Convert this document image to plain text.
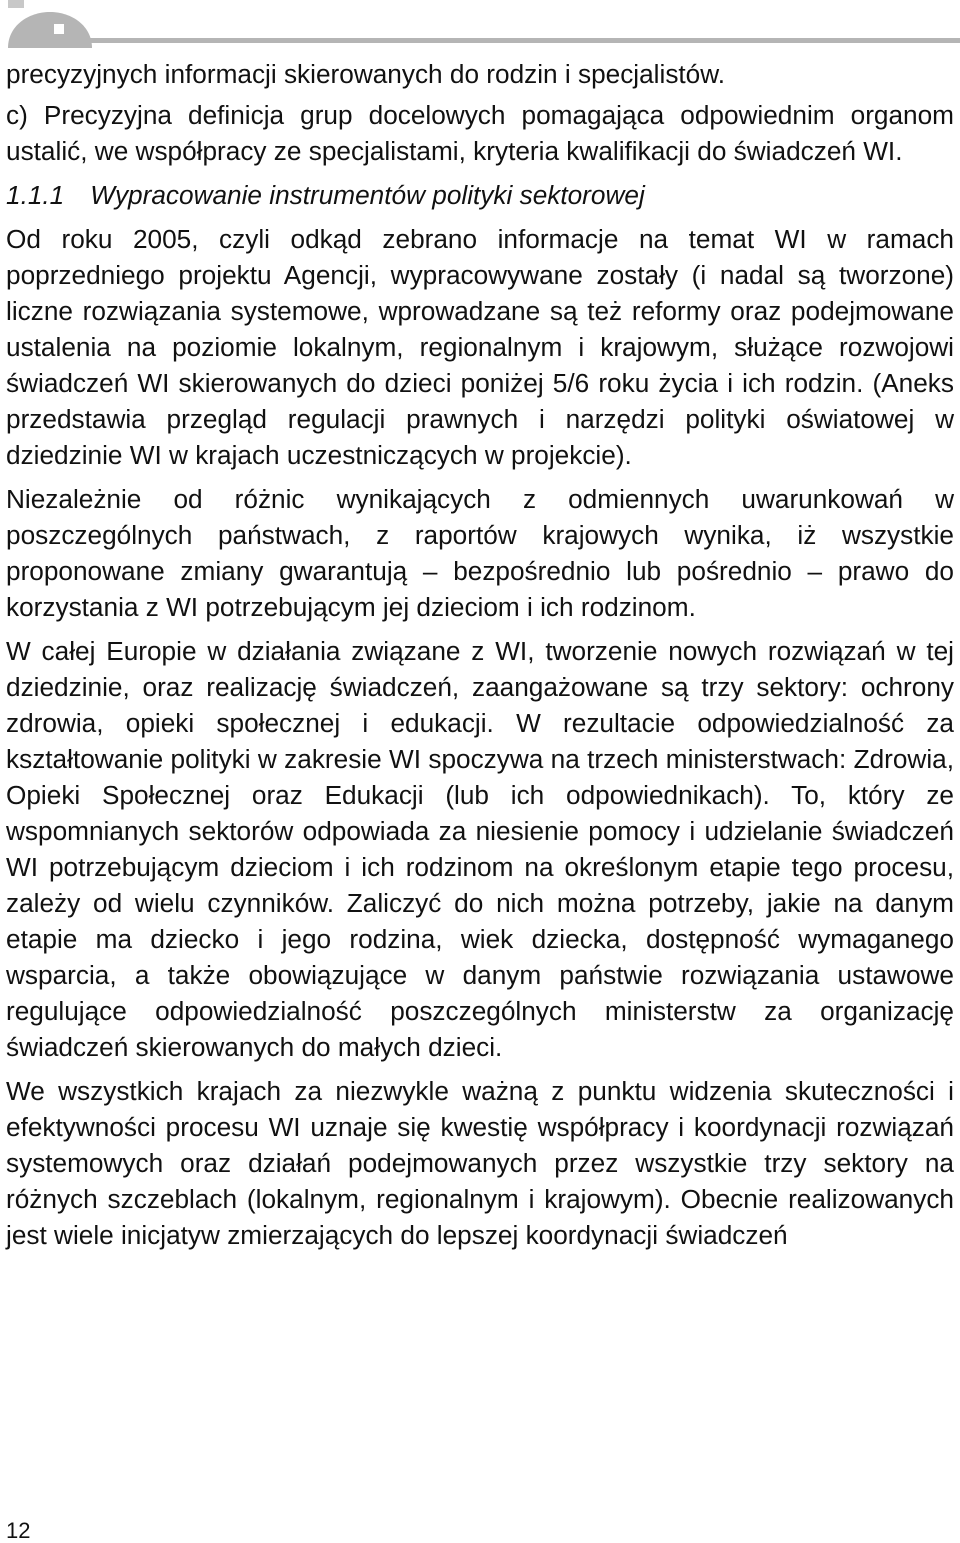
precyzyjnych informacji skierowanych do rodzin i specjalistów.

c) Precyzyjna definicja grup docelowych pomagająca odpowiednim organom ustalić, we współpracy ze specjalistami, kryteria kwalifikacji do świadczeń WI.

1.1.1 Wypracowanie instrumentów polityki sektorowej

Od roku 2005, czyli odkąd zebrano informacje na temat WI w ramach poprzedniego projektu Agencji, wypracowywane zostały (i nadal są tworzone) liczne rozwiązania systemowe, wprowadzane są też reformy oraz podejmowane ustalenia na poziomie lokalnym, regionalnym i krajowym, służące rozwojowi świadczeń WI skierowanych do dzieci poniżej 5/6 roku życia i ich rodzin. (Aneks przedstawia przegląd regulacji prawnych i narzędzi polityki oświatowej w dziedzinie WI w krajach uczestniczących w projekcie).

Niezależnie od różnic wynikających z odmiennych uwarunkowań w poszczególnych państwach, z raportów krajowych wynika, iż wszystkie proponowane zmiany gwarantują – bezpośrednio lub pośrednio – prawo do korzystania z WI potrzebującym jej dzieciom i ich rodzinom.

W całej Europie w działania związane z WI, tworzenie nowych rozwiązań w tej dziedzinie, oraz realizację świadczeń, zaangażowane są trzy sektory: ochrony zdrowia, opieki społecznej i edukacji. W rezultacie odpowiedzialność za kształtowanie polityki w zakresie WI spoczywa na trzech ministerstwach: Zdrowia, Opieki Społecznej oraz Edukacji (lub ich odpowiednikach). To, który ze wspomnianych sektorów odpowiada za niesienie pomocy i udzielanie świadczeń WI potrzebującym dzieciom i ich rodzinom na określonym etapie tego procesu, zależy od wielu czynników. Zaliczyć do nich można potrzeby, jakie na danym etapie ma dziecko i jego rodzina, wiek dziecka, dostępność wymaganego wsparcia, a także obowiązujące w danym państwie rozwiązania ustawowe regulujące odpowiedzialność poszczególnych ministerstw za organizację świadczeń skierowanych do małych dzieci.

We wszystkich krajach za niezwykle ważną z punktu widzenia skuteczności i efektywności procesu WI uznaje się kwestię współpracy i koordynacji rozwiązań systemowych oraz działań podejmowanych przez wszystkie trzy sektory na różnych szczeblach (lokalnym, regionalnym i krajowym). Obecnie realizowanych jest wiele inicjatyw zmierzających do lepszej koordynacji świadczeń

12
